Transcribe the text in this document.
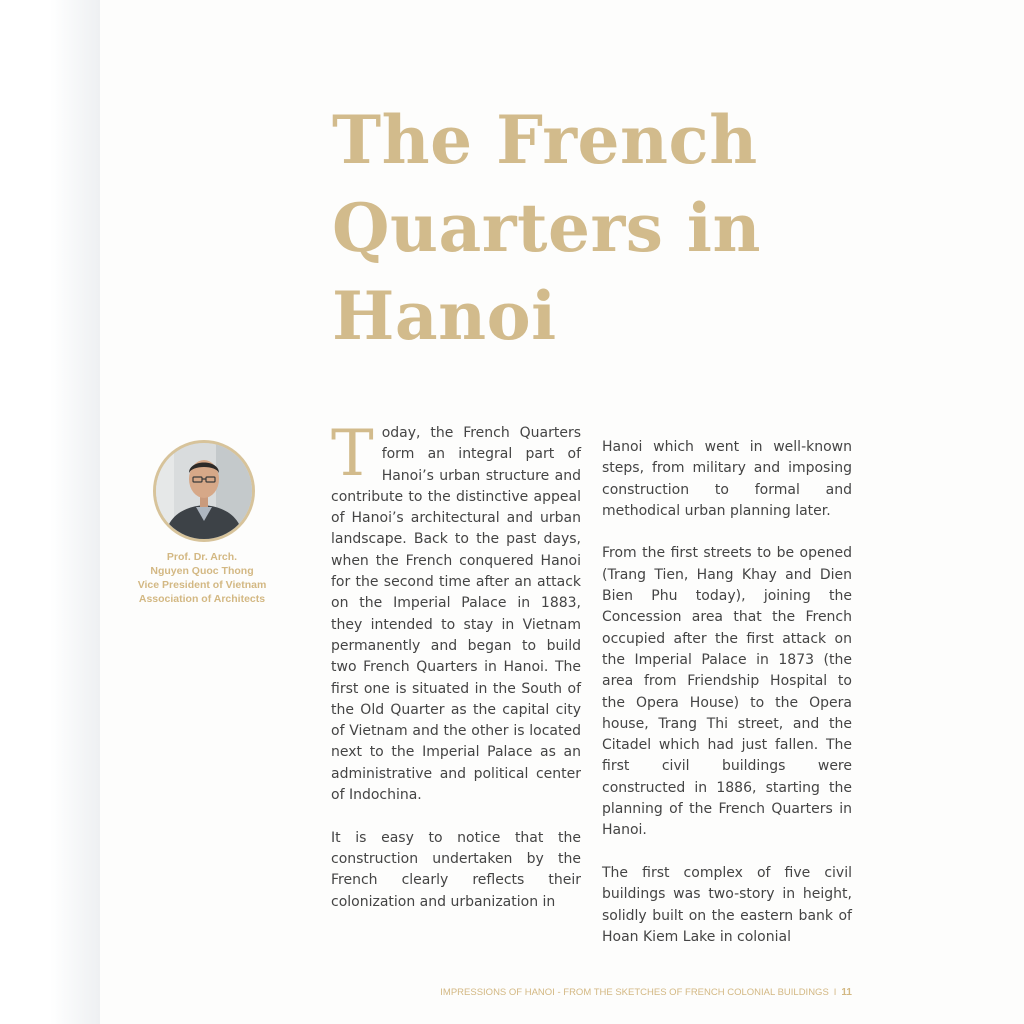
The French
Quarters in
Hanoi
Prof. Dr. Arch.
Nguyen Quoc Thong
Vice President of Vietnam
Association of Architects

Today, the French Quarters form an integral part of Hanoi’s urban structure and contribute to the distinctive appeal of Hanoi’s architectural and urban landscape. Back to the past days, when the French conquered Hanoi for the second time after an attack on the Imperial Palace in 1883, they intended to stay in Vietnam permanently and began to build two French Quarters in Hanoi. The first one is situated in the South of the Old Quarter as the capital city of Vietnam and the other is located next to the Imperial Palace as an administrative and political center of Indochina.

It is easy to notice that the construction undertaken by the French clearly reflects their colonization and urbanization in

Hanoi which went in well-known steps, from military and imposing construction to formal and methodical urban planning later.

From the first streets to be opened (Trang Tien, Hang Khay and Dien Bien Phu today), joining the Concession area that the French occupied after the first attack on the Imperial Palace in 1873 (the area from Friendship Hospital to the Opera House) to the Opera house, Trang Thi street, and the Citadel which had just fallen. The first civil buildings were constructed in 1886, starting the planning of the French Quarters in Hanoi.

The first complex of five civil buildings was two-story in height, solidly built on the eastern bank of Hoan Kiem Lake in colonial

IMPRESSIONS OF HANOI - FROM THE SKETCHES OF FRENCH COLONIAL BUILDINGS I 11
